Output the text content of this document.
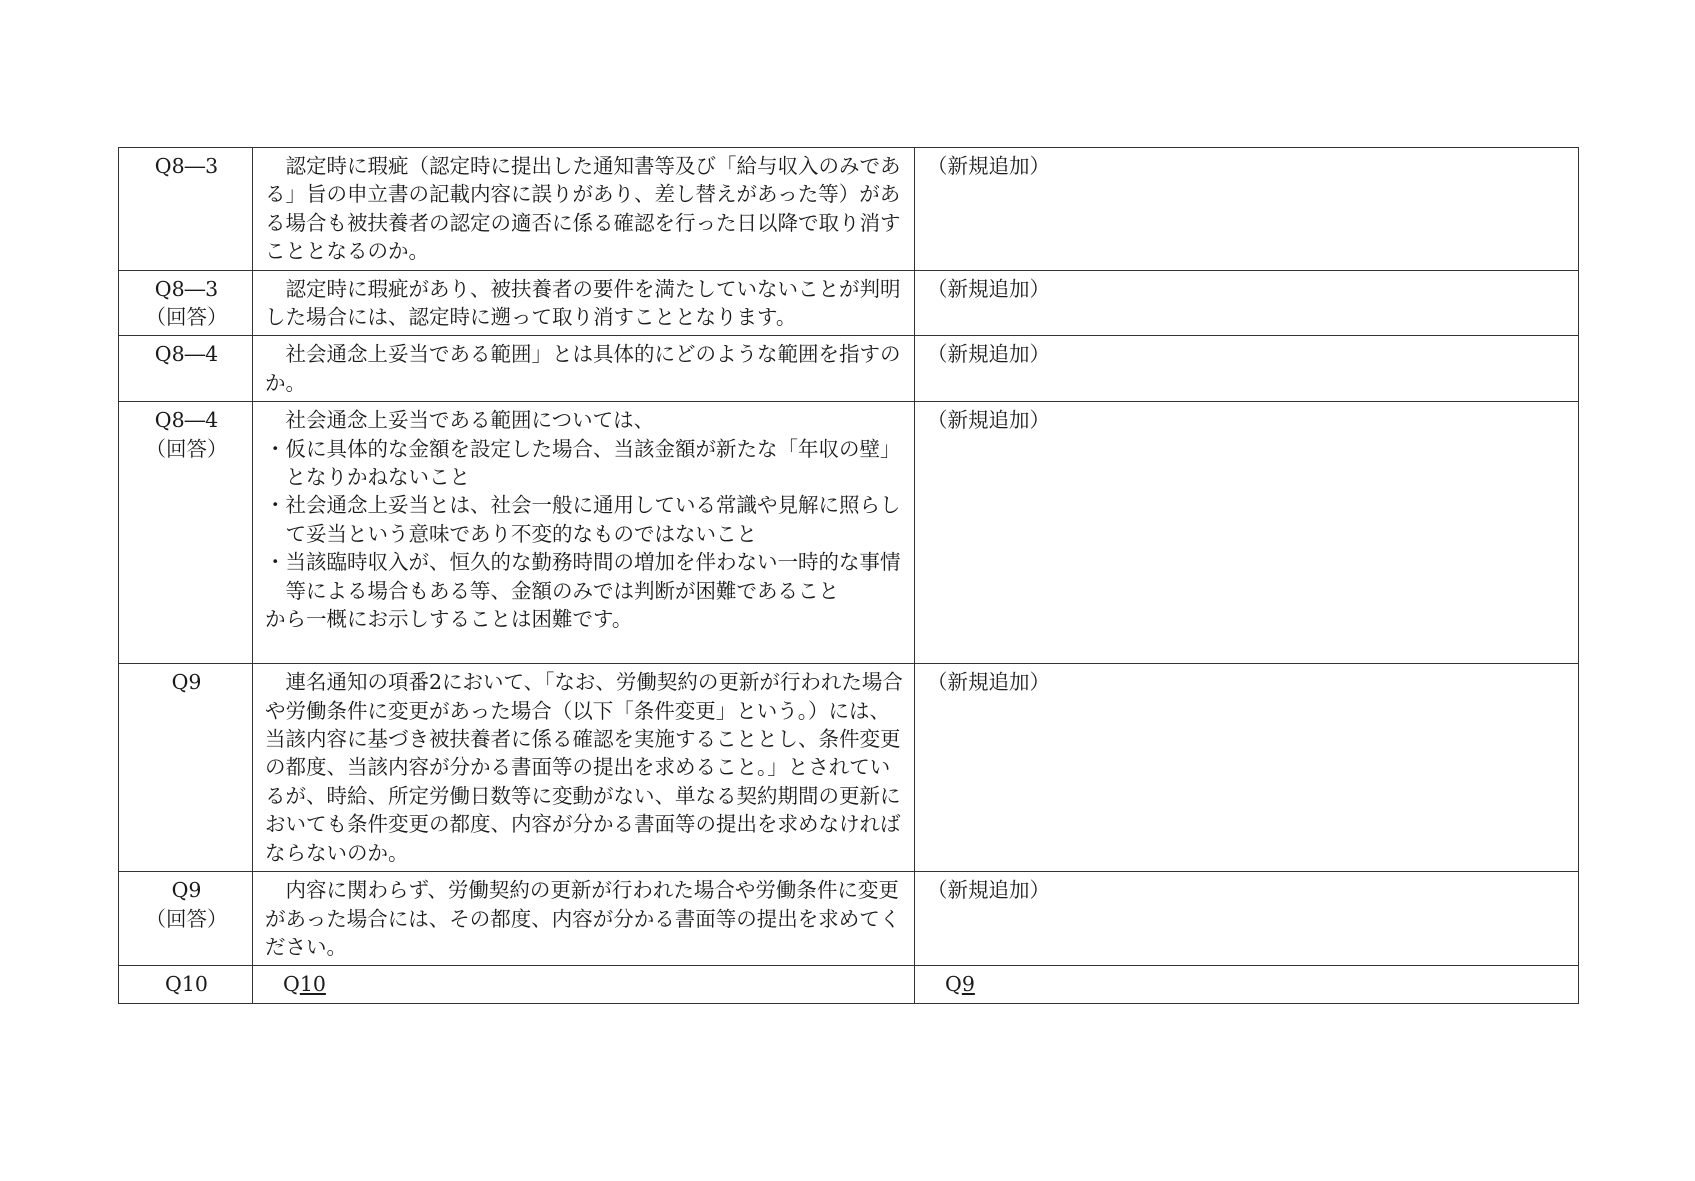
Q8―3	認定時に瑕疵（認定時に提出した通知書等及び「給与収入のみである」旨の申立書の記載内容に誤りがあり、差し替えがあった等）がある場合も被扶養者の認定の適否に係る確認を行った日以降で取り消すこととなるのか。	（新規追加）

Q8―3
（回答）	認定時に瑕疵があり、被扶養者の要件を満たしていないことが判明した場合には、認定時に遡って取り消すこととなります。	（新規追加）

Q8―4	社会通念上妥当である範囲」とは具体的にどのような範囲を指すのか。	（新規追加）

Q8―4
（回答）	社会通念上妥当である範囲については、
・仮に具体的な金額を設定した場合、当該金額が新たな「年収の壁」となりかねないこと
・社会通念上妥当とは、社会一般に通用している常識や見解に照らして妥当という意味であり不変的なものではないこと
・当該臨時収入が、恒久的な勤務時間の増加を伴わない一時的な事情等による場合もある等、金額のみでは判断が困難であること
から一概にお示しすることは困難です。	（新規追加）

Q9	連名通知の項番2において、「なお、労働契約の更新が行われた場合や労働条件に変更があった場合（以下「条件変更」という。）には、当該内容に基づき被扶養者に係る確認を実施することとし、条件変更の都度、当該内容が分かる書面等の提出を求めること。」とされているが、時給、所定労働日数等に変動がない、単なる契約期間の更新においても条件変更の都度、内容が分かる書面等の提出を求めなければならないのか。	（新規追加）

Q9
（回答）	内容に関わらず、労働契約の更新が行われた場合や労働条件に変更があった場合には、その都度、内容が分かる書面等の提出を求めてください。	（新規追加）

Q10	Q10	Q9
